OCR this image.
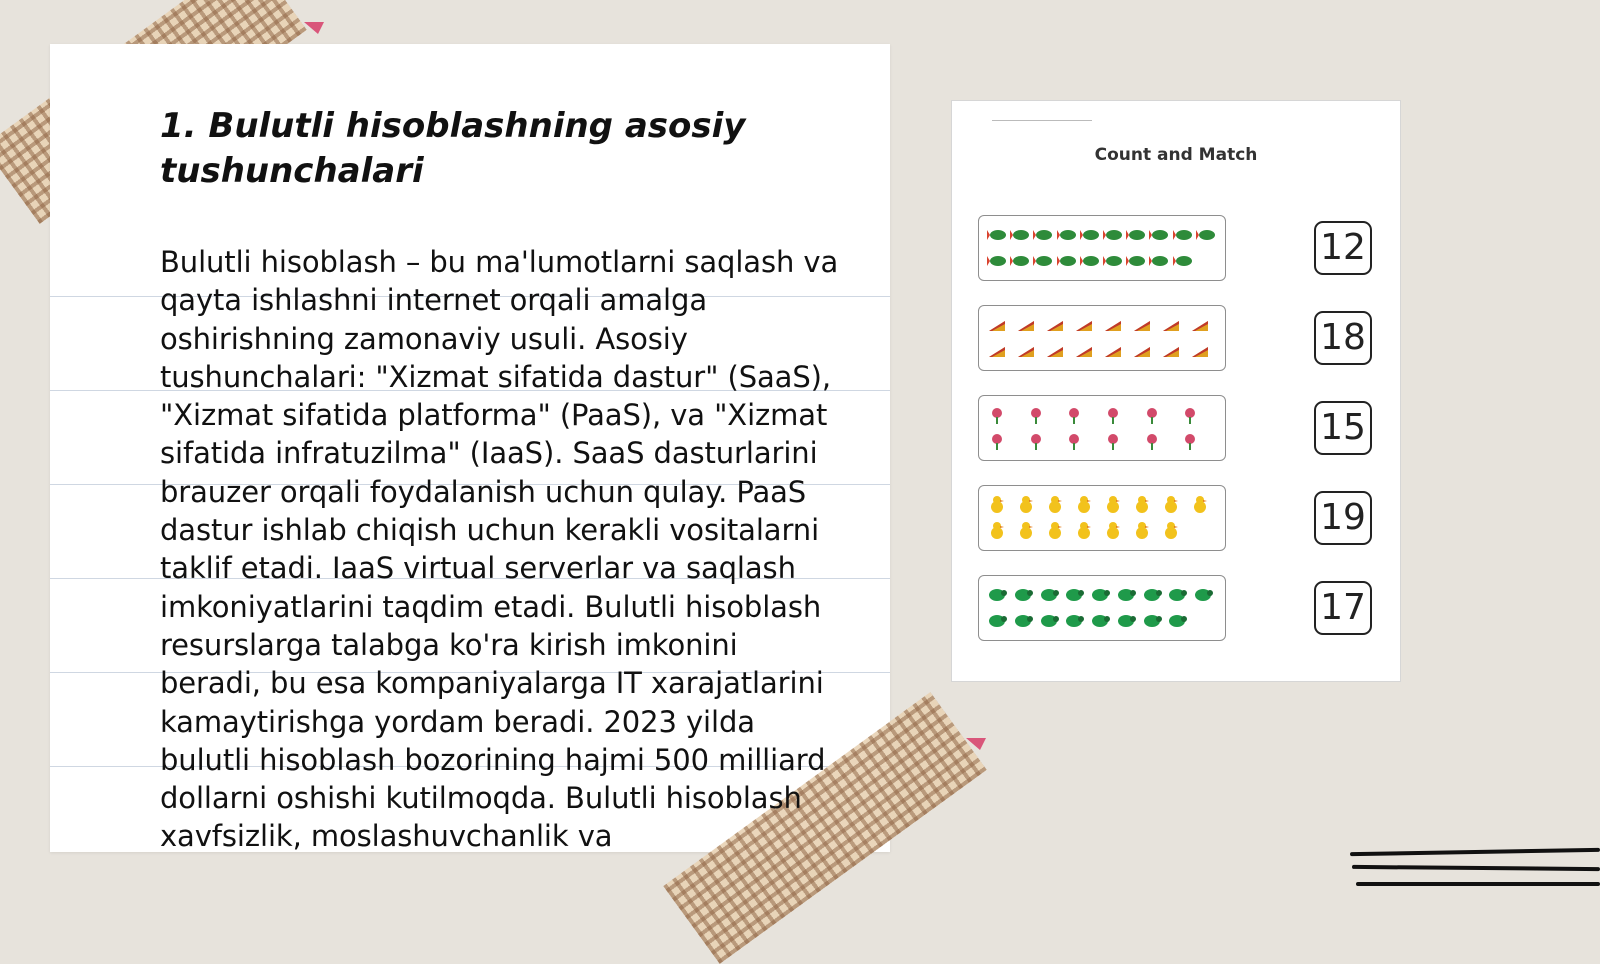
1. Bulutli hisoblashning asosiy tushunchalari

Bulutli hisoblash – bu ma'lumotlarni saqlash va qayta ishlashni internet orqali amalga oshirishning zamonaviy usuli. Asosiy tushunchalari: "Xizmat sifatida dastur" (SaaS), "Xizmat sifatida platforma" (PaaS), va "Xizmat sifatida infratuzilma" (IaaS). SaaS dasturlarini brauzer orqali foydalanish uchun qulay. PaaS dastur ishlab chiqish uchun kerakli vositalarni taklif etadi. IaaS virtual serverlar va saqlash imkoniyatlarini taqdim etadi. Bulutli hisoblash resurslarga talabga ko'ra kirish imkonini beradi, bu esa kompaniyalarga IT xarajatlarini kamaytirishga yordam beradi. 2023 yilda bulutli hisoblash bozorining hajmi 500 milliard dollarni oshishi kutilmoqda. Bulutli hisoblash xavfsizlik, moslashuvchanlik va

Count and Match
12
18
15
19
17
